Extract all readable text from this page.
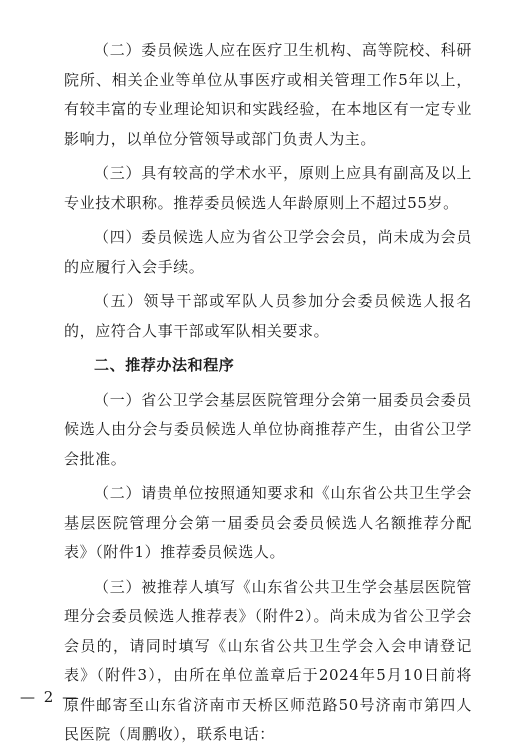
（二）委员候选人应在医疗卫生机构、高等院校、科研院所、相关企业等单位从事医疗或相关管理工作5年以上，有较丰富的专业理论知识和实践经验，在本地区有一定专业影响力，以单位分管领导或部门负责人为主。

（三）具有较高的学术水平，原则上应具有副高及以上专业技术职称。推荐委员候选人年龄原则上不超过55岁。

（四）委员候选人应为省公卫学会会员，尚未成为会员的应履行入会手续。

（五）领导干部或军队人员参加分会委员候选人报名的，应符合人事干部或军队相关要求。

二、推荐办法和程序

（一）省公卫学会基层医院管理分会第一届委员会委员候选人由分会与委员候选人单位协商推荐产生，由省公卫学会批准。

（二）请贵单位按照通知要求和《山东省公共卫生学会基层医院管理分会第一届委员会委员候选人名额推荐分配表》（附件1）推荐委员候选人。

（三）被推荐人填写《山东省公共卫生学会基层医院管理分会委员候选人推荐表》（附件2）。尚未成为省公卫学会会员的，请同时填写《山东省公共卫生学会入会申请登记表》（附件3），由所在单位盖章后于2024年5月10日前将原件邮寄至山东省济南市天桥区师范路50号济南市第四人民医院（周鹏收），联系电话：

— 2 —
